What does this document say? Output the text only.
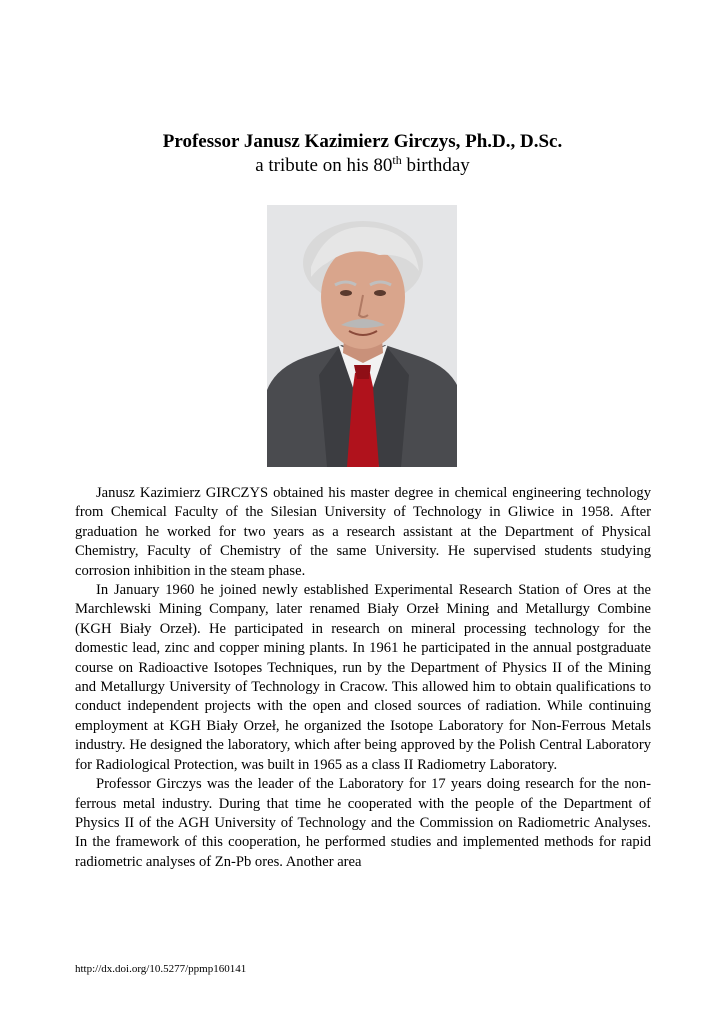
Professor Janusz Kazimierz Girczys, Ph.D., D.Sc.
a tribute on his 80th birthday

Janusz Kazimierz GIRCZYS obtained his master degree in chemical engineering technology from Chemical Faculty of the Silesian University of Technology in Gliwice in 1958. After graduation he worked for two years as a research assistant at the Department of Physical Chemistry, Faculty of Chemistry of the same University. He supervised students studying corrosion inhibition in the steam phase.

In January 1960 he joined newly established Experimental Research Station of Ores at the Marchlewski Mining Company, later renamed Biały Orzeł Mining and Metallurgy Combine (KGH Biały Orzeł). He participated in research on mineral processing technology for the domestic lead, zinc and copper mining plants. In 1961 he participated in the annual postgraduate course on Radioactive Isotopes Techniques, run by the Department of Physics II of the Mining and Metallurgy University of Technology in Cracow. This allowed him to obtain qualifications to conduct independent projects with the open and closed sources of radiation. While continuing employment at KGH Biały Orzeł, he organized the Isotope Laboratory for Non-Ferrous Metals industry. He designed the laboratory, which after being approved by the Polish Central Laboratory for Radiological Protection, was built in 1965 as a class II Radiometry Laboratory.

Professor Girczys was the leader of the Laboratory for 17 years doing research for the non-ferrous metal industry. During that time he cooperated with the people of the Department of Physics II of the AGH University of Technology and the Commission on Radiometric Analyses. In the framework of this cooperation, he performed studies and implemented methods for rapid radiometric analyses of Zn-Pb ores. Another area

http://dx.doi.org/10.5277/ppmp160141
